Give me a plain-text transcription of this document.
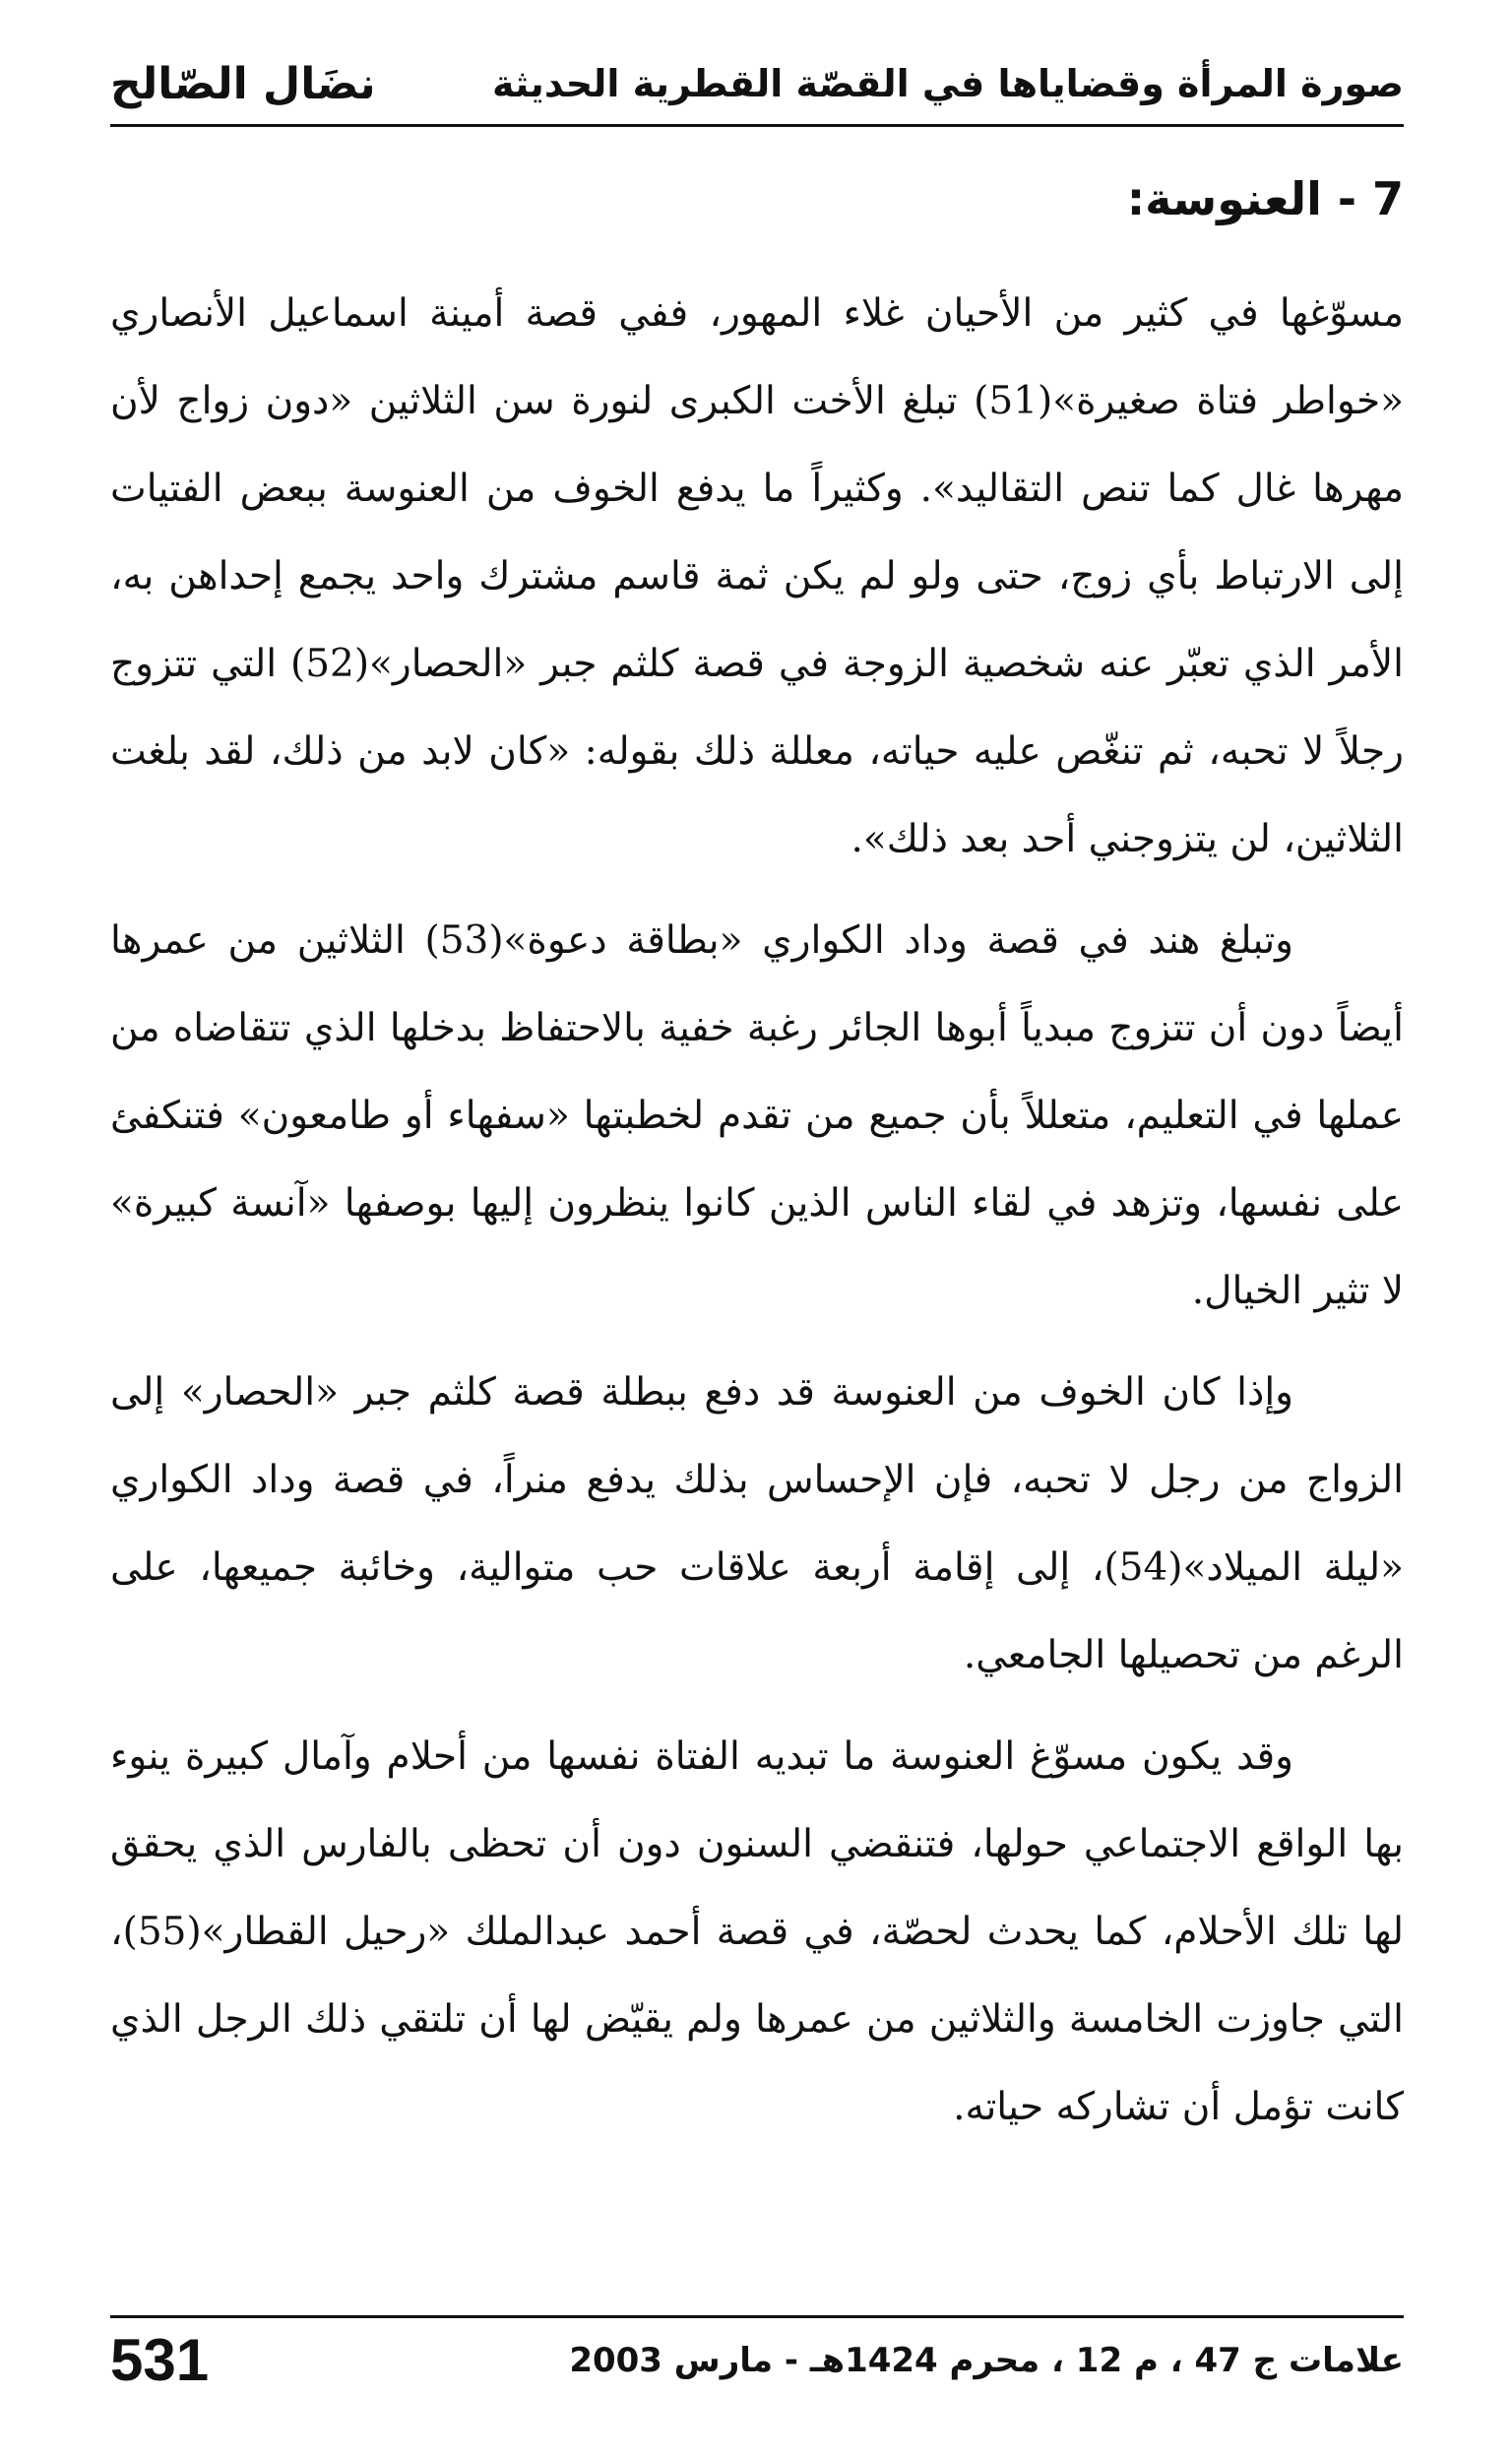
صورة المرأة وقضاياها في القصّة القطرية الحديثة
نضَال الصّالح
7 - العنوسة:

مسوّغها في كثير من الأحيان غلاء المهور، ففي قصة أمينة اسماعيل الأنصاري «خواطر فتاة صغيرة»(51) تبلغ الأخت الكبرى لنورة سن الثلاثين «دون زواج لأن مهرها غال كما تنص التقاليد». وكثيراً ما يدفع الخوف من العنوسة ببعض الفتيات إلى الارتباط بأي زوج، حتى ولو لم يكن ثمة قاسم مشترك واحد يجمع إحداهن به، الأمر الذي تعبّر عنه شخصية الزوجة في قصة كلثم جبر «الحصار»(52) التي تتزوج رجلاً لا تحبه، ثم تنغّص عليه حياته، معللة ذلك بقوله: «كان لابد من ذلك، لقد بلغت الثلاثين، لن يتزوجني أحد بعد ذلك».

وتبلغ هند في قصة وداد الكواري «بطاقة دعوة»(53) الثلاثين من عمرها أيضاً دون أن تتزوج مبدياً أبوها الجائر رغبة خفية بالاحتفاظ بدخلها الذي تتقاضاه من عملها في التعليم، متعللاً بأن جميع من تقدم لخطبتها «سفهاء أو طامعون» فتنكفئ على نفسها، وتزهد في لقاء الناس الذين كانوا ينظرون إليها بوصفها «آنسة كبيرة» لا تثير الخيال.

وإذا كان الخوف من العنوسة قد دفع ببطلة قصة كلثم جبر «الحصار» إلى الزواج من رجل لا تحبه، فإن الإحساس بذلك يدفع منراً، في قصة وداد الكواري «ليلة الميلاد»(54)، إلى إقامة أربعة علاقات حب متوالية، وخائبة جميعها، على الرغم من تحصيلها الجامعي.

وقد يكون مسوّغ العنوسة ما تبديه الفتاة نفسها من أحلام وآمال كبيرة ينوء بها الواقع الاجتماعي حولها، فتنقضي السنون دون أن تحظى بالفارس الذي يحقق لها تلك الأحلام، كما يحدث لحصّة، في قصة أحمد عبدالملك «رحيل القطار»(55)، التي جاوزت الخامسة والثلاثين من عمرها ولم يقيّض لها أن تلتقي ذلك الرجل الذي كانت تؤمل أن تشاركه حياته.

علامات ج 47 ، م 12 ، محرم 1424هـ - مارس 2003
531
